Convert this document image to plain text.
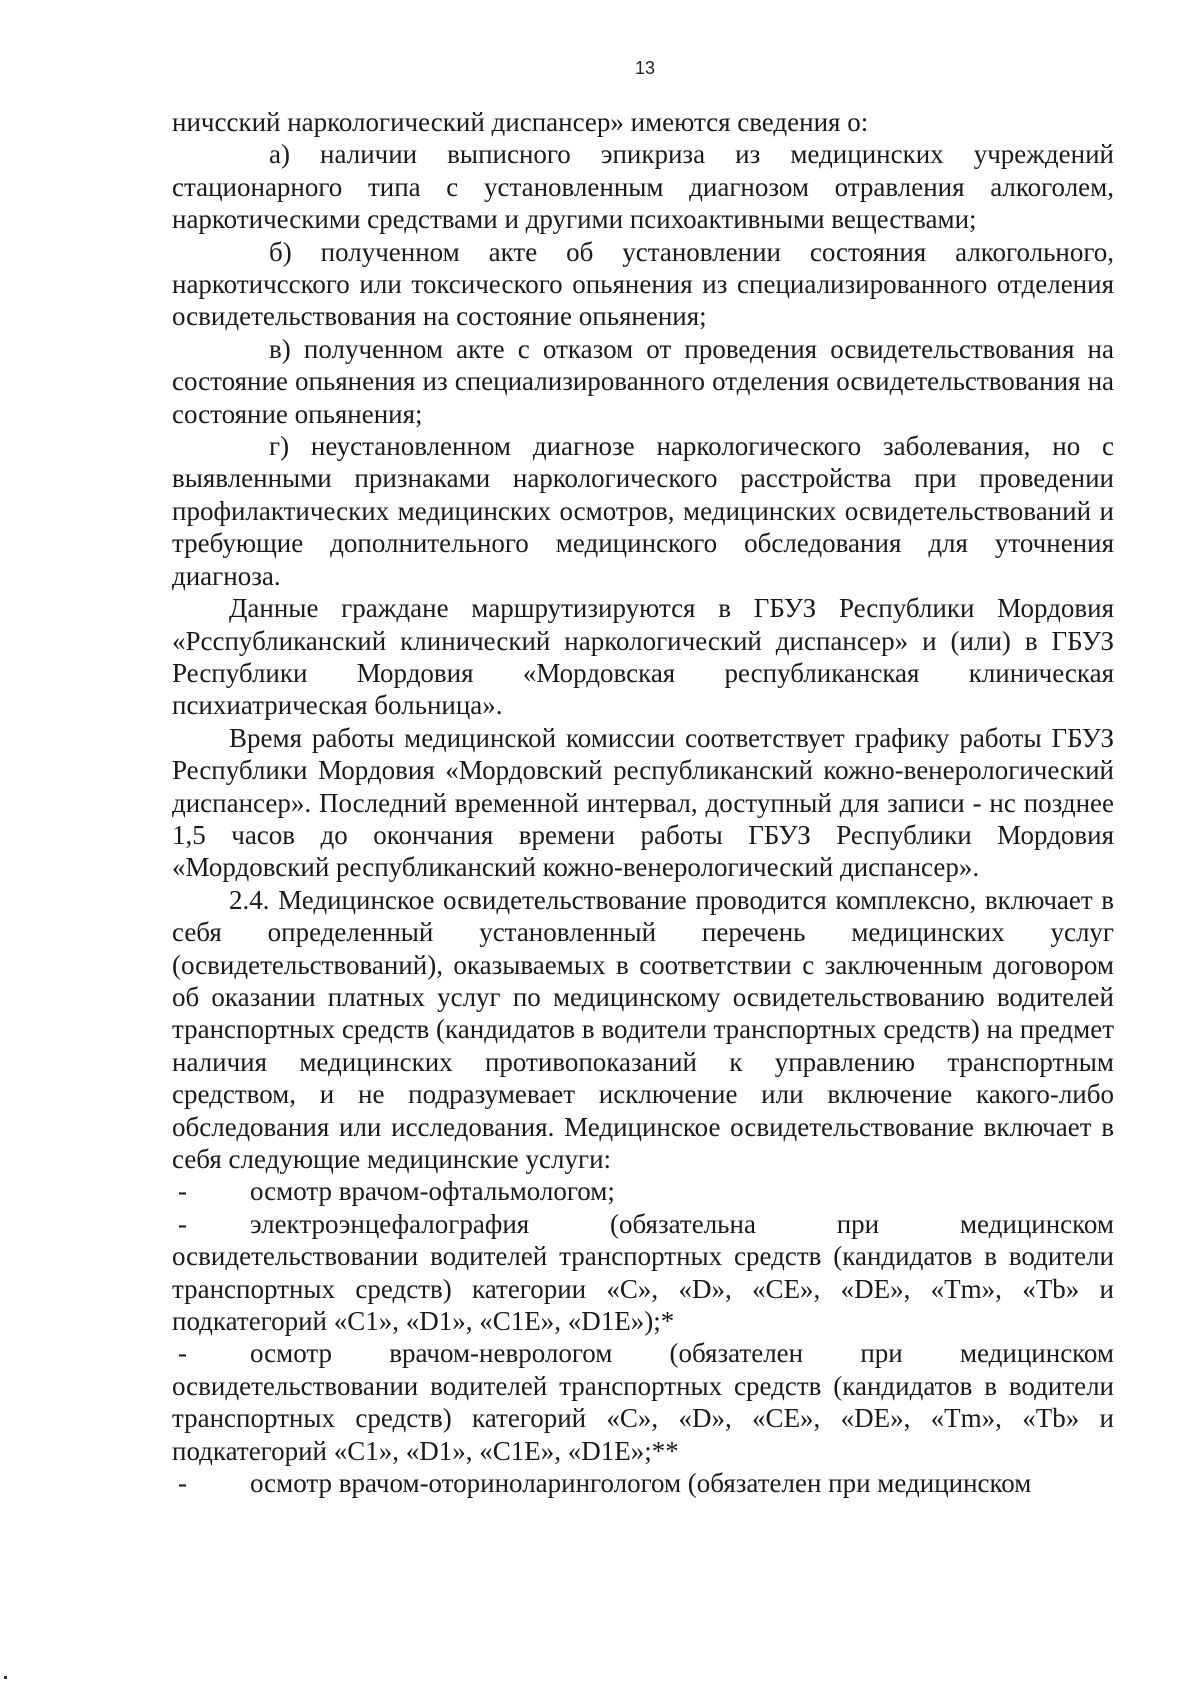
13

ничсский наркологический диспансер» имеются сведения о:

а) наличии выписного эпикриза из медицинских учреждений стационарного типа с установленным диагнозом отравления алкоголем, наркотическими средствами и другими психоактивными веществами;

б) полученном акте об установлении состояния алкогольного, наркотичсского или токсического опьянения из специализированного отделения освидетельствования на состояние опьянения;

в) полученном акте с отказом от проведения освидетельствования на состояние опьянения из специализированного отделения освидетельствования на состояние опьянения;

г) неустановленном диагнозе наркологического заболевания, но с выявленными признаками наркологического расстройства при проведении профилактических медицинских осмотров, медицинских освидетельствований и требующие дополнительного медицинского обследования для уточнения диагноза.

Данные граждане маршрутизируются в ГБУЗ Республики Мордовия «Рсспубликанский клинический наркологический диспансер» и (или) в ГБУЗ Республики Мордовия «Мордовская республиканская клиническая психиатрическая больница».

Время работы медицинской комиссии соответствует графику работы ГБУЗ Республики Мордовия «Мордовский республиканский кожно-венерологический диспансер». Последний временной интервал, доступный для записи - нс позднее 1,5 часов до окончания времени работы ГБУЗ Республики Мордовия «Мордовский республиканский кожно-венерологический диспансер».

2.4. Медицинское освидетельствование проводится комплексно, включает в себя определенный установленный перечень медицинских услуг (освидетельствований), оказываемых в соответствии с заключенным договором об оказании платных услуг по медицинскому освидетельствованию водителей транспортных средств (кандидатов в водители транспортных средств) на предмет наличия медицинских противопоказаний к управлению транспортным средством, и не подразумевает исключение или включение какого-либо обследования или исследования. Медицинское освидетельствование включает в себя следующие медицинские услуги:

- осмотр врачом-офтальмологом;

- электроэнцефалография (обязательна при медицинском освидетельствовании водителей транспортных средств (кандидатов в водители транспортных средств) категории «С», «D», «СЕ», «DE», «Tm», «Tb» и подкатегорий «С1», «D1», «С1Е», «D1E»);*

- осмотр врачом-неврологом (обязателен при медицинском освидетельствовании водителей транспортных средств (кандидатов в водители транспортных средств) категорий «С», «D», «СЕ», «DE», «Tm», «Tb» и подкатегорий «С1», «D1», «С1Е», «D1E»;**

- осмотр врачом-оториноларингологом (обязателен при медицинском
